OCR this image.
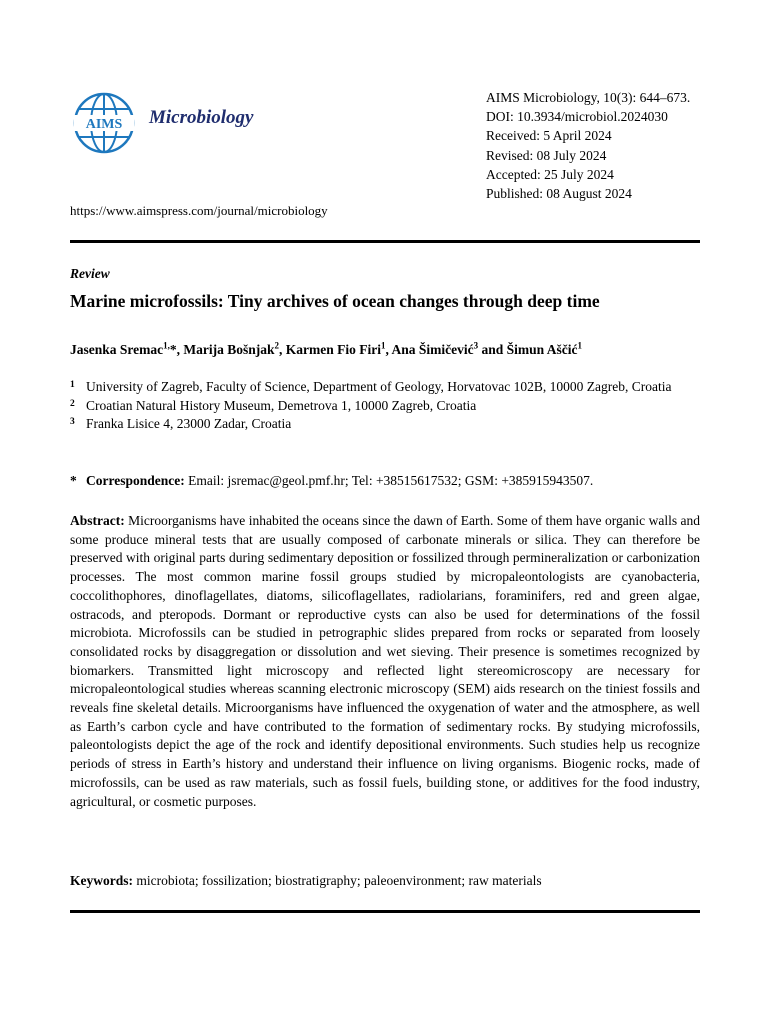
AIMS Microbiology
AIMS Microbiology, 10(3): 644–673.
DOI: 10.3934/microbiol.2024030
Received: 5 April 2024
Revised: 08 July 2024
Accepted: 25 July 2024
Published: 08 August 2024
https://www.aimspress.com/journal/microbiology
Review
Marine microfossils: Tiny archives of ocean changes through deep time
Jasenka Sremac$^{1,}$*, Marija Bošnjak$^2$, Karmen Fio Firi$^1$, Ana Šimičević$^3$ and Šimun Aščić$^1$
1 University of Zagreb, Faculty of Science, Department of Geology, Horvatovac 102B, 10000 Zagreb, Croatia
2 Croatian Natural History Museum, Demetrova 1, 10000 Zagreb, Croatia
3 Franka Lisice 4, 23000 Zadar, Croatia
* Correspondence: Email: jsremac@geol.pmf.hr; Tel: +38515617532; GSM: +385915943507.
Abstract: Microorganisms have inhabited the oceans since the dawn of Earth. Some of them have organic walls and some produce mineral tests that are usually composed of carbonate minerals or silica. They can therefore be preserved with original parts during sedimentary deposition or fossilized through permineralization or carbonization processes. The most common marine fossil groups studied by micropaleontologists are cyanobacteria, coccolithophores, dinoflagellates, diatoms, silicoflagellates, radiolarians, foraminifers, red and green algae, ostracods, and pteropods. Dormant or reproductive cysts can also be used for determinations of the fossil microbiota. Microfossils can be studied in petrographic slides prepared from rocks or separated from loosely consolidated rocks by disaggregation or dissolution and wet sieving. Their presence is sometimes recognized by biomarkers. Transmitted light microscopy and reflected light stereomicroscopy are necessary for micropaleontological studies whereas scanning electronic microscopy (SEM) aids research on the tiniest fossils and reveals fine skeletal details. Microorganisms have influenced the oxygenation of water and the atmosphere, as well as Earth’s carbon cycle and have contributed to the formation of sedimentary rocks. By studying microfossils, paleontologists depict the age of the rock and identify depositional environments. Such studies help us recognize periods of stress in Earth’s history and understand their influence on living organisms. Biogenic rocks, made of microfossils, can be used as raw materials, such as fossil fuels, building stone, or additives for the food industry, agricultural, or cosmetic purposes.
Keywords: microbiota; fossilization; biostratigraphy; paleoenvironment; raw materials
